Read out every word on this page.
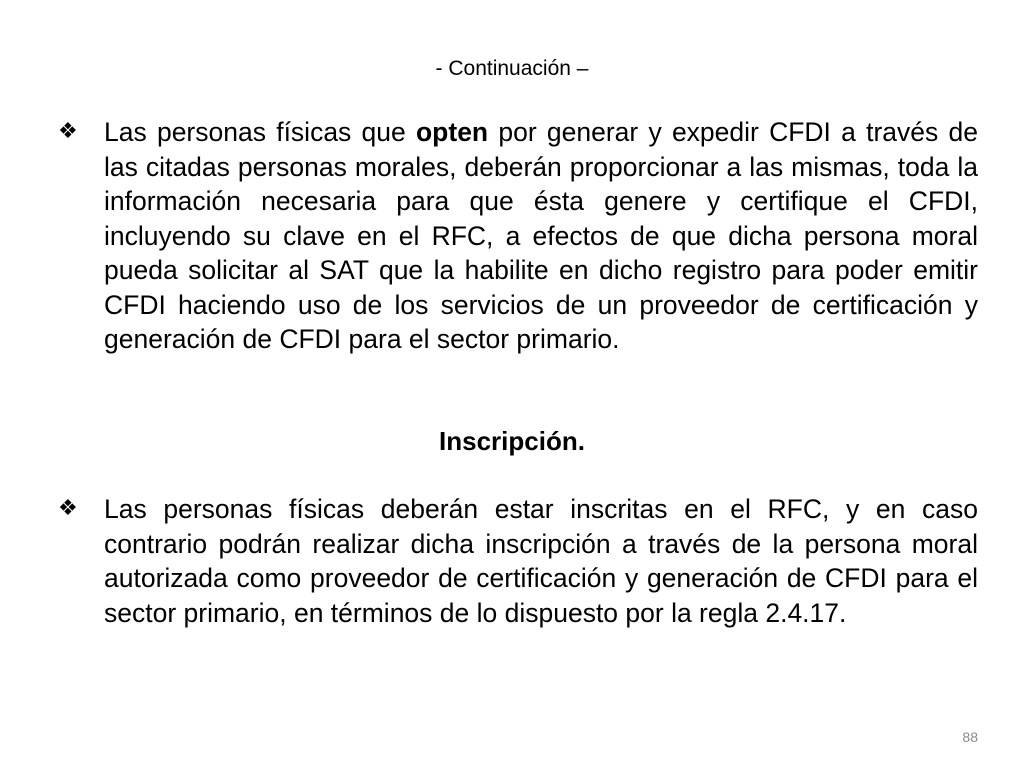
- Continuación –
❖ Las personas físicas que opten por generar y expedir CFDI a través de las citadas personas morales, deberán proporcionar a las mismas, toda la información necesaria para que ésta genere y certifique el CFDI, incluyendo su clave en el RFC, a efectos de que dicha persona moral pueda solicitar al SAT que la habilite en dicho registro para poder emitir CFDI haciendo uso de los servicios de un proveedor de certificación y generación de CFDI para el sector primario.
Inscripción.
❖ Las personas físicas deberán estar inscritas en el RFC, y en caso contrario podrán realizar dicha inscripción a través de la persona moral autorizada como proveedor de certificación y generación de CFDI para el sector primario, en términos de lo dispuesto por la regla 2.4.17.
88
